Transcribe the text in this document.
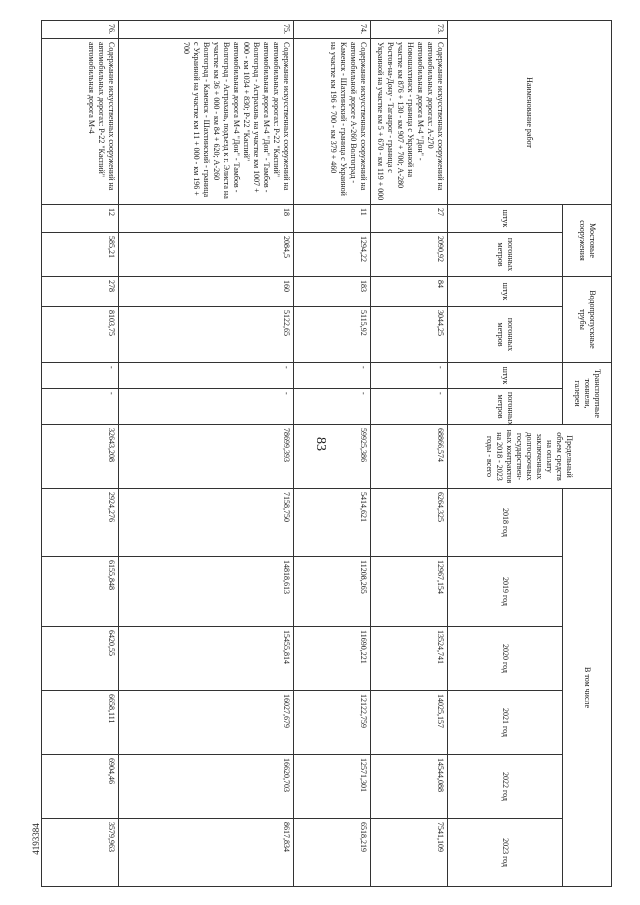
83
4193384
Наименование работ		Мостовые сооружения		Водопропускные трубы		Транспортные тоннели, галереи		Предельный объем средств на оплату заключенных долгосрочных государствен-ных контрактов на 2018 - 2023 годы - всего	В том числе					
		штук	погонных метров	штук	погонных метров	штук	погонных метров		2018 год	2019 год	2020 год	2021 год	2022 год	2023 год
73.	Содержание искусственных сооружений на автомобильных дорогах: А-270 автомобильная дорога М-4 "Дон" - Новошахтинск - граница с Украиной на участке км 876 + 130 - км 907 + 700; А-280 Ростов-на-Дону - Таганрог - граница с Украиной на участке км 5 + 670 - км 119 + 000	27	2090,92	84	3044,25	-	-	68866,574	6264,325	12967,154	13524,741	14025,157	14544,088	7541,109
74.	Содержание искусственных сооружений на автомобильной дороге А-260 Волгоград - Каменск - Шахтинский - граница с Украиной на участке км 196 + 700 - км 379 + 460	11	1294,22	183	5115,92	-	-	59925,386	5414,621	11208,265	11690,221	12122,759	12571,301	6518,219
75.	Содержание искусственных сооружений на автомобильных дорогах: Р-22 "Каспий" автомобильная дорога М-4 "Дон" - Тамбов - Волгоград - Астрахань на участке км 1007 + 000 - км 1034 + 830; Р-22 "Каспий" автомобильная дорога М-4 "Дон" - Тамбов - Волгоград - Астрахань, подъезд к г. Элиста на участке км 36 + 000 - км 84 + 620; А-260 Волгоград - Каменск - Шахтинский - граница с Украиной на участке км 11 + 000 - км 196 + 700	18	2084,5	160	5122,65	-	-	78699,393	7158,750	14818,613	15455,814	16027,679	16620,703	8617,834
76.	Содержание искусственных сооружений на автомобильных дорогах: Р-22 "Каспий" автомобильная дорога М-4	12	585,21	278	8103,75	-	-	32643,208	2924,276	6155,848	6420,55	6658,111	6904,46	3579,963
